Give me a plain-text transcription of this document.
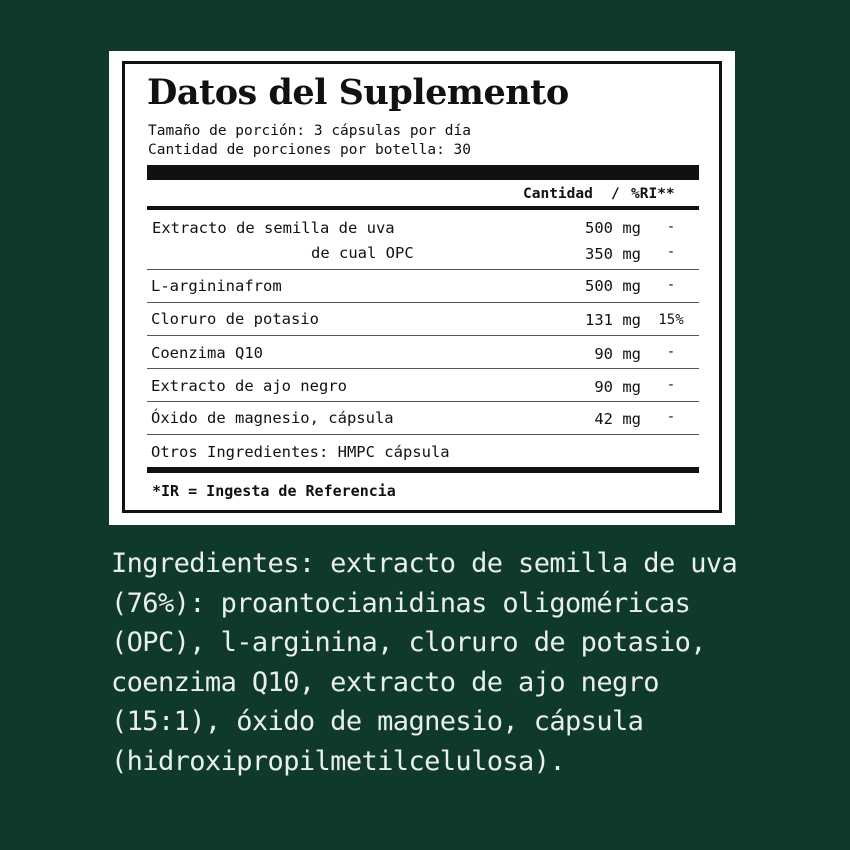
Datos del Suplemento
Tamaño de porción: 3 cápsulas por día
Cantidad de porciones por botella: 30
Cantidad / %RI**
Extracto de semilla de uva	500 mg	-
de cual OPC	350 mg	-
L-argininafrom	500 mg	-
Cloruro de potasio	131 mg	15%
Coenzima Q10	90 mg	-
Extracto de ajo negro	90 mg	-
Óxido de magnesio, cápsula	42 mg	-
Otros Ingredientes: HMPC cápsula
*IR = Ingesta de Referencia
Ingredientes: extracto de semilla de uva (76%): proantocianidinas oligoméricas (OPC), l-arginina, cloruro de potasio, coenzima Q10, extracto de ajo negro (15:1), óxido de magnesio, cápsula (hidroxipropilmetilcelulosa).
